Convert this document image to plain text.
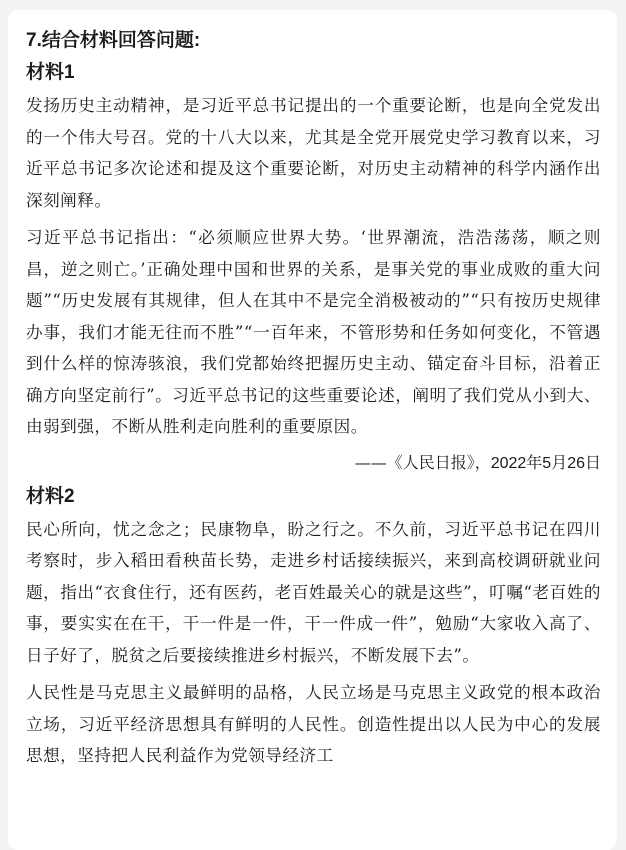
7.结合材料回答问题:
材料1

发扬历史主动精神，是习近平总书记提出的一个重要论断，也是向全党发出的一个伟大号召。党的十八大以来，尤其是全党开展党史学习教育以来，习近平总书记多次论述和提及这个重要论断，对历史主动精神的科学内涵作出深刻阐释。

习近平总书记指出：“必须顺应世界大势。‘世界潮流，浩浩荡荡，顺之则昌，逆之则亡。’正确处理中国和世界的关系，是事关党的事业成败的重大问题”“历史发展有其规律，但人在其中不是完全消极被动的”“只有按历史规律办事，我们才能无往而不胜”“一百年来，不管形势和任务如何变化，不管遇到什么样的惊涛骇浪，我们党都始终把握历史主动、锚定奋斗目标，沿着正确方向坚定前行”。习近平总书记的这些重要论述，阐明了我们党从小到大、由弱到强，不断从胜利走向胜利的重要原因。

——《人民日报》，2022年5月26日
材料2

民心所向，忧之念之；民康物阜，盼之行之。不久前，习近平总书记在四川考察时，步入稻田看秧苗长势，走进乡村话接续振兴，来到高校调研就业问题，指出“衣食住行，还有医药，老百姓最关心的就是这些”，叮嘱“老百姓的事，要实实在在干，干一件是一件，干一件成一件”，勉励“大家收入高了、日子好了，脱贫之后要接续推进乡村振兴，不断发展下去”。

人民性是马克思主义最鲜明的品格，人民立场是马克思主义政党的根本政治立场，习近平经济思想具有鲜明的人民性。创造性提出以人民为中心的发展思想，坚持把人民利益作为党领导经济工
